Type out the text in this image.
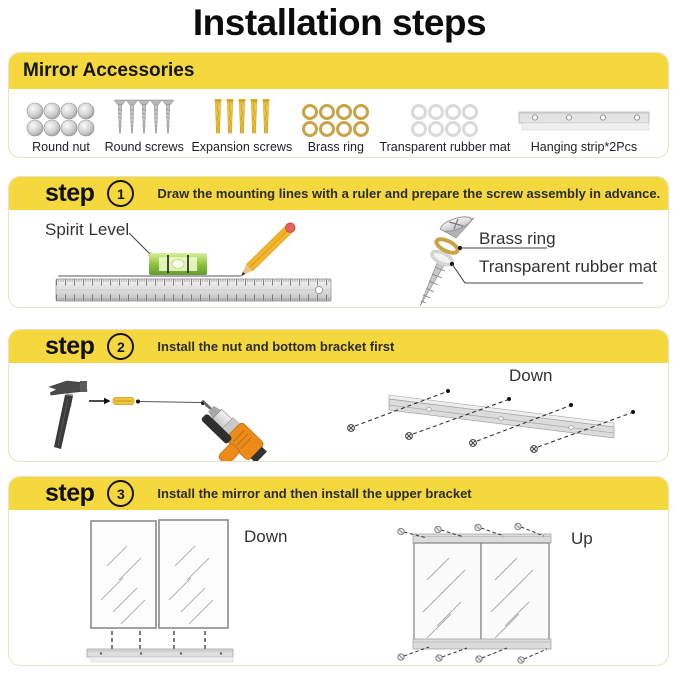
Installation steps
Mirror Accessories
Round nut Round screws Expansion screws Brass ring Transparent rubber mat Hanging strip*2Pcs
step	1	Draw the mounting lines with a ruler and prepare the screw assembly in advance.
Spirit Level	Brass ring
Transparent rubber mat
step	2	Install the nut and bottom bracket first
Down
step	3	Install the mirror and then install the upper bracket
Down	Up
